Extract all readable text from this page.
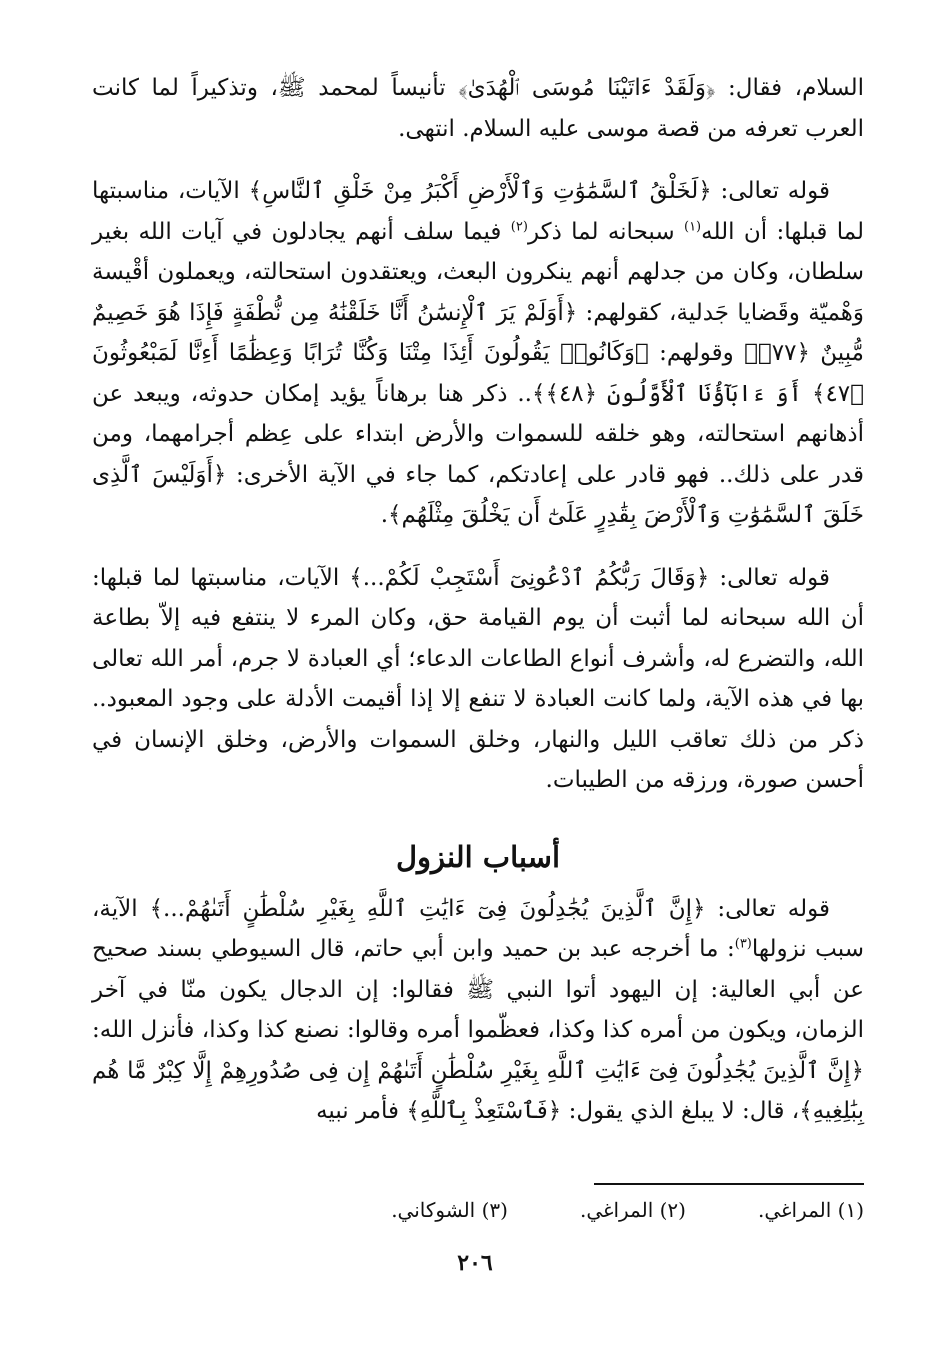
السلام، فقال: ﴿وَلَقَدْ ءَاتَيْنَا مُوسَى ٱلْهُدَىٰ﴾ تأنيساً لمحمد ﷺ، وتذكيراً لما كانت العرب تعرفه من قصة موسى عليه السلام. انتهى.

قوله تعالى: ﴿لَخَلْقُ ٱلسَّمَٰوَٰتِ وَٱلْأَرْضِ أَكْبَرُ مِنْ خَلْقِ ٱلنَّاسِ﴾ الآيات، مناسبتها لما قبلها: أن الله$^{(١)}$ سبحانه لما ذكر$^{(٢)}$ فيما سلف أنهم يجادلون في آيات الله بغير سلطان، وكان من جدلهم أنهم ينكرون البعث، ويعتقدون استحالته، ويعملون أقْيسة وَهْميّة وقَضايا جَدلية، كقولهم: ﴿أَوَلَمْ يَرَ ٱلْإِنسَٰنُ أَنَّا خَلَقْنَٰهُ مِن نُّطْفَةٍ فَإِذَا هُوَ خَصِيمٌ مُّبِينٌ ﴿٧٧﴾﴾ وقولهم: ﴿وَكَانُوا۟ يَقُولُونَ أَئِذَا مِتْنَا وَكُنَّا تُرَابًا وَعِظَٰمًا أَءِنَّا لَمَبْعُوثُونَ ﴿٤٧﴾ أَوَ ءَابَآؤُنَا ٱلْأَوَّلُونَ ﴿٤٨﴾﴾.. ذكر هنا برهاناً يؤيد إمكان حدوثه، ويبعد عن أذهانهم استحالته، وهو خلقه للسموات والأرض ابتداء على عِظم أجرامهما، ومن قدر على ذلك.. فهو قادر على إعادتكم، كما جاء في الآية الأخرى: ﴿أَوَلَيْسَ ٱلَّذِى خَلَقَ ٱلسَّمَٰوَٰتِ وَٱلْأَرْضَ بِقَٰدِرٍ عَلَىٰٓ أَن يَخْلُقَ مِثْلَهُم﴾.

قوله تعالى: ﴿وَقَالَ رَبُّكُمُ ٱدْعُونِىٓ أَسْتَجِبْ لَكُمْ...﴾ الآيات، مناسبتها لما قبلها: أن الله سبحانه لما أثبت أن يوم القيامة حق، وكان المرء لا ينتفع فيه إلاّ بطاعة الله، والتضرع له، وأشرف أنواع الطاعات الدعاء؛ أي العبادة لا جرم، أمر الله تعالى بها في هذه الآية، ولما كانت العبادة لا تنفع إلا إذا أقيمت الأدلة على وجود المعبود.. ذكر من ذلك تعاقب الليل والنهار، وخلق السموات والأرض، وخلق الإنسان في أحسن صورة، ورزقه من الطيبات.

أسباب النزول

قوله تعالى: ﴿إِنَّ ٱلَّذِينَ يُجَٰدِلُونَ فِىٓ ءَايَٰتِ ٱللَّهِ بِغَيْرِ سُلْطَٰنٍ أَتَىٰهُمْ...﴾ الآية، سبب نزولها$^{(٣)}$: ما أخرجه عبد بن حميد وابن أبي حاتم، قال السيوطي بسند صحيح عن أبي العالية: إن اليهود أتوا النبي ﷺ فقالوا: إن الدجال يكون منّا في آخر الزمان، ويكون من أمره كذا وكذا، فعظّموا أمره وقالوا: نصنع كذا وكذا، فأنزل الله: ﴿إِنَّ ٱلَّذِينَ يُجَٰدِلُونَ فِىٓ ءَايَٰتِ ٱللَّهِ بِغَيْرِ سُلْطَٰنٍ أَتَىٰهُمْ إِن فِى صُدُورِهِمْ إِلَّا كِبْرٌ مَّا هُم بِبَٰلِغِيهِ﴾، قال: لا يبلغ الذي يقول: ﴿فَٱسْتَعِذْ بِٱللَّهِ﴾ فأمر نبيه

(١) المراغي.
(٢) المراغي.
(٣) الشوكاني.
٢٠٦
